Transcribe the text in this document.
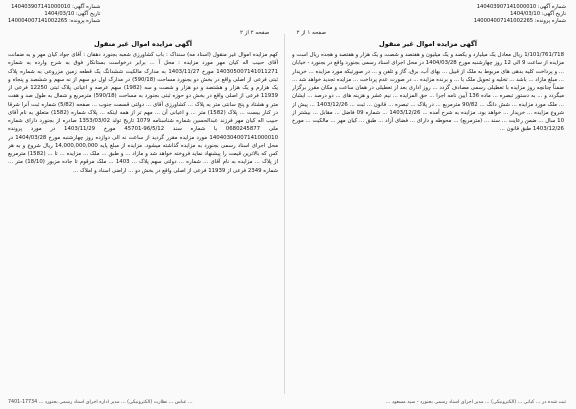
شماره آگهی: 140403907141000010
تاریخ آگهی: 1404/03/10
شماره پرونده: 140004007141002265
شماره آگهی: 140403907141000010
تاریخ آگهی: 1404/03/10
شماره پرونده: 140004007141002265
صفحه ۲ از ۲	صفحه ۱ از ۲
آگهی مزایده اموال غیر منقول

کهم مزایده اموال غیر منقول (اسناد مه) سنداک : باب کشاورزی شعبه بجنورد دهقان : آقای جواد کیان مهر و به ضمانت آقای حبیب اله کیان مهر مورد مزایده : محل آ ... برابر درخواست بستانکار فوق به شرح وارده به شماره 140305007141011271 مورخ 1403/11/27 به مدارک مالکیت ششدانگ یک قطعه زمین مزروعی به شماره پلاک ثبتی فرعی از اصلی واقع در بخش دو بجنورد مساحت (590/18) در مدارک اول دو سهم از نه سهم و ششصد و پنجاه و یک هزارم و یک هزار و هشتصد و دو هزار و شصت و سه (1982) سهم عرصه و اعیانی پلاک ثبتی 12250 فرعی از 11939 فرعی از اصلی واقع در بخش دو حوزه ثبتی بجنورد به مساحت (590/18) مترمربع و شمال به طول صد و هفت متر و هشتاد و پنج سانتی متر به پلاک ... کشاورزی آقای ... دولتی قسمت جنوب ... صفحه (5/82) شماره ثبت آنرا شرقا در کنار بیست ... پلاک (1582) متر ... و اعیانی آن ... مهم تر از همه اینکه ... پلاک شماره (1582) متعلق به نام آقای حبیب اله کیان مهر فرزند عبدالحسین شماره شناسنامه 1079 تاریخ تولد 1353/03/02 صادره از بجنورد دارای شماره ملی 0680245877 با شماره سند 96/5/12-45701 مورخ 1403/11/29 در مورد پرونده 14040304007141000010 مورد مزایده مقرر گردید از ساعت نه الی دوازده روز چهارشنبه مورخ 1404/03/28 در محل اجرای اسناد رسمی بجنورد به مزایده گذاشته میشود. مزایده از مبلغ پایه 14,000,000,000 ریال شروع و به هر کس که بالاترین قیمت را پیشنهاد نماید فروخته خواهد شد و مازاد ... و طبق ... ملک ... مزایده ... تا ... (1582) مترمربع از پلاک ... مزایده به نام آقای ... شماره ... دولتی سهم پلاک ... 1403 ... ملک مرقوم تا جاده مزبور (18/10) متر ... شماره 2349 فرعی از 11939 فرعی از اصلی واقع در بخش دو ... اراضی اسناد و املاک ...

آگهی مزایده اموال غیر منقول

1/101/761/718 ریال معادل یک میلیارد و یکصد و یک میلیون و هفتصد و شصت و یک هزار و هفتصد و هجده ریال است و مزایده از ساعت 9 الی 12 روز چهارشنبه مورخ 1404/03/28 در محل اجرای اسناد رسمی بجنورد واقع در بجنورد - خیابان ... و پرداخت کلیه بدهی های مربوط به ملک از قبیل ... بهای آب، برق، گاز و تلفن و ... در صورتیکه مورد مزایده ... خریدار ... مبلغ مازاد ... باشد ... تخلیه و تحویل ملک با ... و برنده مزایده ... در صورت عدم پرداخت ... مزایده تجدید خواهد شد ... ضمناً چنانچه روز مزایده با تعطیلی رسمی مصادف گردد ... روز اداری بعد از تعطیلی در همان ساعت و مکان مقرر برگزار میگردد و ... به دستور تبصره ... ماده 136 آیین نامه اجرا ... حق المزایده ... نیم عشر و هزینه های ... دو درصد ... ایشان ... ملک مورد مزایده ... شش دانگ ... 90/82 مترمربع ... در پلاک ... تبصره ... قانون ... ثبت ... 1403/12/26 ... پیش از شروع مزایده ... خریدار ... خواهد بود. مزایده به شرح آمده ... 1403/12/26 ... شماره 09 فاضل ... مقابل ... بیشتر از 10 سال ... ضمن رعایت ... سند ... (مترمربع) ... محوطه و دارای ... فضای آزاد ... طبق ... کیان مهر ... مالکیت ... مورخ 1403/12/26 طبق قانون ...

... عباس ... نظارت (الکترونیکی) ... مدیر اداره اجرای اسناد رسمی بجنورد ... 17734-7401	ثبت شده در ... کیانی ... (الکترونیکی) ... مدیر اجرای اسناد رسمی بجنورد - سید مسعود ...
